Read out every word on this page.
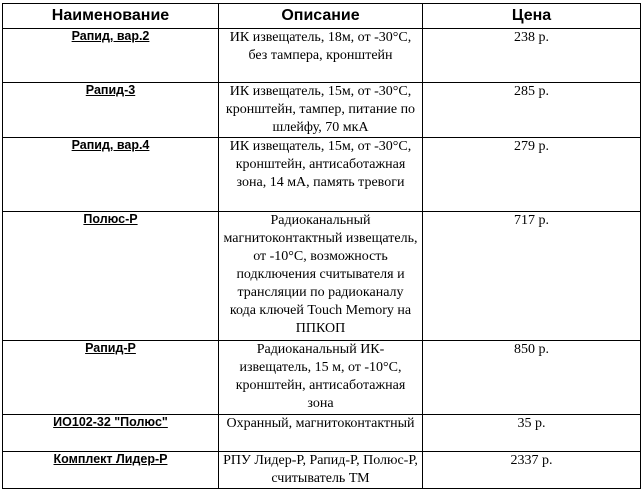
Наименование	Описание	Цена
Рапид, вар.2	ИК извещатель, 18м, от -30°С, без тампера, кронштейн	238 р.
Рапид-3	ИК извещатель, 15м, от -30°С, кронштейн, тампер, питание по шлейфу, 70 мкА	285 р.
Рапид, вар.4	ИК извещатель, 15м, от -30°С, кронштейн, антисаботажная зона, 14 мА, память тревоги	279 р.
Полюс-Р	Радиоканальный магнитоконтактный извещатель, от -10°С, возможность подключения считывателя и трансляции по радиоканалу кода ключей Touch Memory на ППКОП	717 р.
Рапид-Р	Радиоканальный ИК-извещатель, 15 м, от -10°С, кронштейн, антисаботажная зона	850 р.
ИО102-32 "Полюс"	Охранный, магнитоконтактный	35 р.
Комплект Лидер-Р	РПУ Лидер-Р, Рапид-Р, Полюс-Р, считыватель ТМ	2337 р.
